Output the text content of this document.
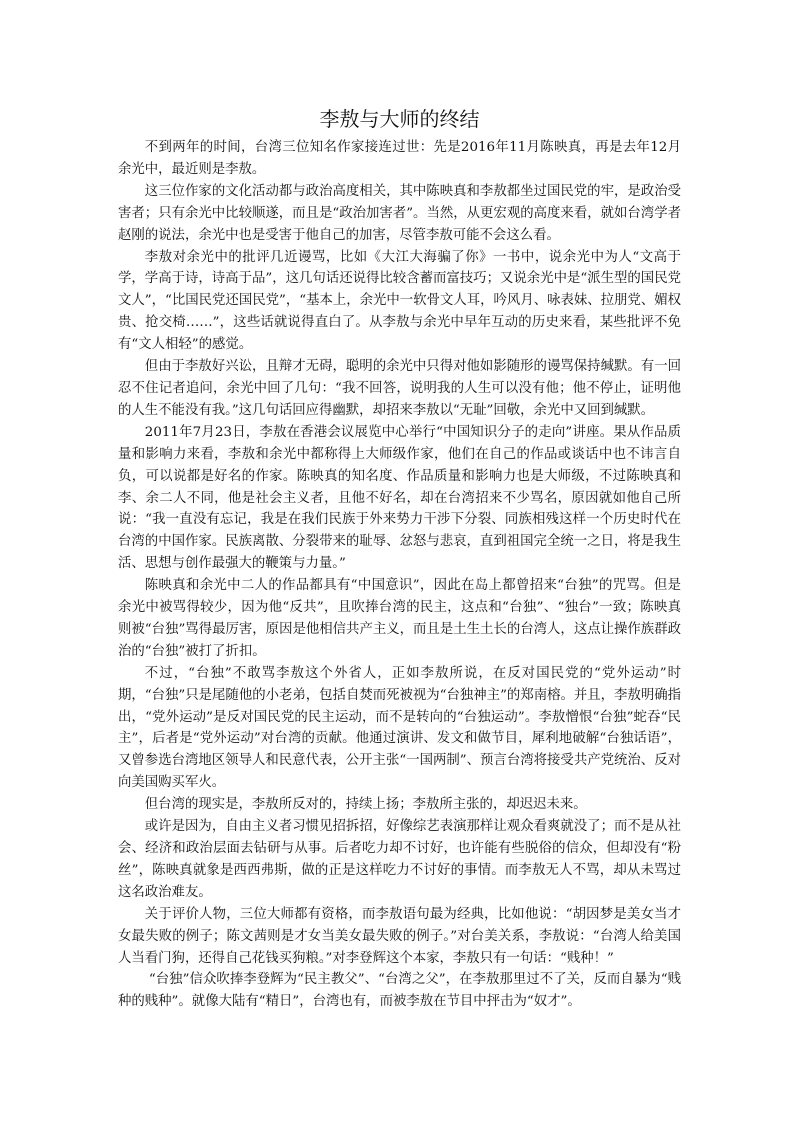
李敖与大师的终结

不到两年的时间，台湾三位知名作家接连过世：先是2016年11月陈映真，再是去年12月余光中，最近则是李敖。

这三位作家的文化活动都与政治高度相关，其中陈映真和李敖都坐过国民党的牢，是政治受害者；只有余光中比较顺遂，而且是“政治加害者”。当然，从更宏观的高度来看，就如台湾学者赵刚的说法，余光中也是受害于他自己的加害，尽管李敖可能不会这么看。

李敖对余光中的批评几近谩骂，比如《大江大海骗了你》一书中，说余光中为人“文高于学，学高于诗，诗高于品”，这几句话还说得比较含蓄而富技巧；又说余光中是“派生型的国民党文人”，“比国民党还国民党”，“基本上，余光中一软骨文人耳，吟风月、咏表妹、拉朋党、媚权贵、抢交椅……”，这些话就说得直白了。从李敖与余光中早年互动的历史来看，某些批评不免有“文人相轻”的感觉。

但由于李敖好兴讼，且辩才无碍，聪明的余光中只得对他如影随形的谩骂保持缄默。有一回忍不住记者追问，余光中回了几句：“我不回答，说明我的人生可以没有他；他不停止，证明他的人生不能没有我。”这几句话回应得幽默，却招来李敖以“无耻”回敬，余光中又回到缄默。

2011年7月23日，李敖在香港会议展览中心举行“中国知识分子的走向”讲座。果从作品质量和影响力来看，李敖和余光中都称得上大师级作家，他们在自己的作品或谈话中也不讳言自负，可以说都是好名的作家。陈映真的知名度、作品质量和影响力也是大师级，不过陈映真和李、余二人不同，他是社会主义者，且他不好名，却在台湾招来不少骂名，原因就如他自己所说：“我一直没有忘记，我是在我们民族于外来势力干涉下分裂、同族相残这样一个历史时代在台湾的中国作家。民族离散、分裂带来的耻辱、忿怒与悲哀，直到祖国完全统一之日，将是我生活、思想与创作最强大的鞭策与力量。”

陈映真和余光中二人的作品都具有“中国意识”，因此在岛上都曾招来“台独”的咒骂。但是余光中被骂得较少，因为他“反共”，且吹捧台湾的民主，这点和“台独”、“独台”一致；陈映真则被“台独”骂得最厉害，原因是他相信共产主义，而且是土生土长的台湾人，这点让操作族群政治的“台独”被打了折扣。

不过，“台独”不敢骂李敖这个外省人，正如李敖所说，在反对国民党的“党外运动”时期，“台独”只是尾随他的小老弟，包括自焚而死被视为“台独神主”的郑南榕。并且，李敖明确指出，“党外运动”是反对国民党的民主运动，而不是转向的“台独运动”。李敖憎恨“台独”蛇吞“民主”，后者是“党外运动”对台湾的贡献。他通过演讲、发文和做节目，犀利地破解“台独话语”，又曾参选台湾地区领导人和民意代表，公开主张“一国两制”、预言台湾将接受共产党统治、反对向美国购买军火。

但台湾的现实是，李敖所反对的，持续上扬；李敖所主张的，却迟迟未来。

或许是因为，自由主义者习惯见招拆招，好像综艺表演那样让观众看爽就没了；而不是从社会、经济和政治层面去钻研与从事。后者吃力却不讨好，也许能有些脱俗的信众，但却没有“粉丝”，陈映真就象是西西弗斯，做的正是这样吃力不讨好的事情。而李敖无人不骂，却从未骂过这名政治难友。

关于评价人物，三位大师都有资格，而李敖语句最为经典，比如他说：“胡因梦是美女当才女最失败的例子；陈文茜则是才女当美女最失败的例子。”对台美关系，李敖说：“台湾人给美国人当看门狗，还得自己花钱买狗粮。”对李登辉这个本家，李敖只有一句话：“贱种！”

“台独”信众吹捧李登辉为“民主教父”、“台湾之父”，在李敖那里过不了关，反而自暴为“贱种的贱种”。就像大陆有“精日”，台湾也有，而被李敖在节目中抨击为“奴才”。
